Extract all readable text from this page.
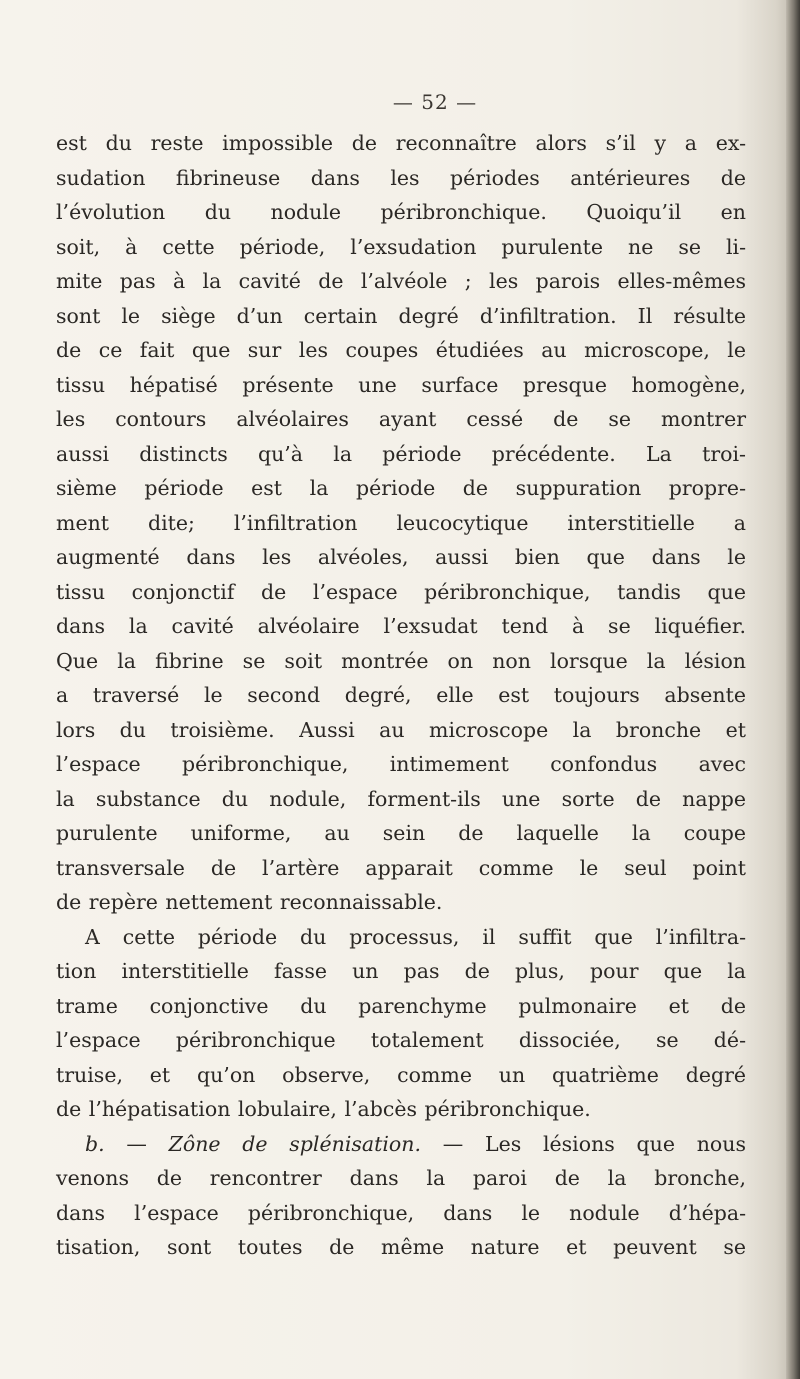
— 52 —
est du reste impossible de reconnaître alors s’il y a ex-
sudation fibrineuse dans les périodes antérieures de
l’évolution du nodule péribronchique. Quoiqu’il en
soit, à cette période, l’exsudation purulente ne se li-
mite pas à la cavité de l’alvéole ; les parois elles-mêmes
sont le siège d’un certain degré d’infiltration. Il résulte
de ce fait que sur les coupes étudiées au microscope, le
tissu hépatisé présente une surface presque homogène,
les contours alvéolaires ayant cessé de se montrer
aussi distincts qu’à la période précédente. La troi-
sième période est la période de suppuration propre-
ment dite; l’infiltration leucocytique interstitielle a
augmenté dans les alvéoles, aussi bien que dans le
tissu conjonctif de l’espace péribronchique, tandis que
dans la cavité alvéolaire l’exsudat tend à se liquéfier.
Que la fibrine se soit montrée on non lorsque la lésion
a traversé le second degré, elle est toujours absente
lors du troisième. Aussi au microscope la bronche et
l’espace péribronchique, intimement confondus avec
la substance du nodule, forment-ils une sorte de nappe
purulente uniforme, au sein de laquelle la coupe
transversale de l’artère apparait comme le seul point
de repère nettement reconnaissable.
A cette période du processus, il suffit que l’infiltra-
tion interstitielle fasse un pas de plus, pour que la
trame conjonctive du parenchyme pulmonaire et de
l’espace péribronchique totalement dissociée, se dé-
truise, et qu’on observe, comme un quatrième degré
de l’hépatisation lobulaire, l’abcès péribronchique.
b. — Zône de splénisation. — Les lésions que nous
venons de rencontrer dans la paroi de la bronche,
dans l’espace péribronchique, dans le nodule d’hépa-
tisation, sont toutes de même nature et peuvent se
